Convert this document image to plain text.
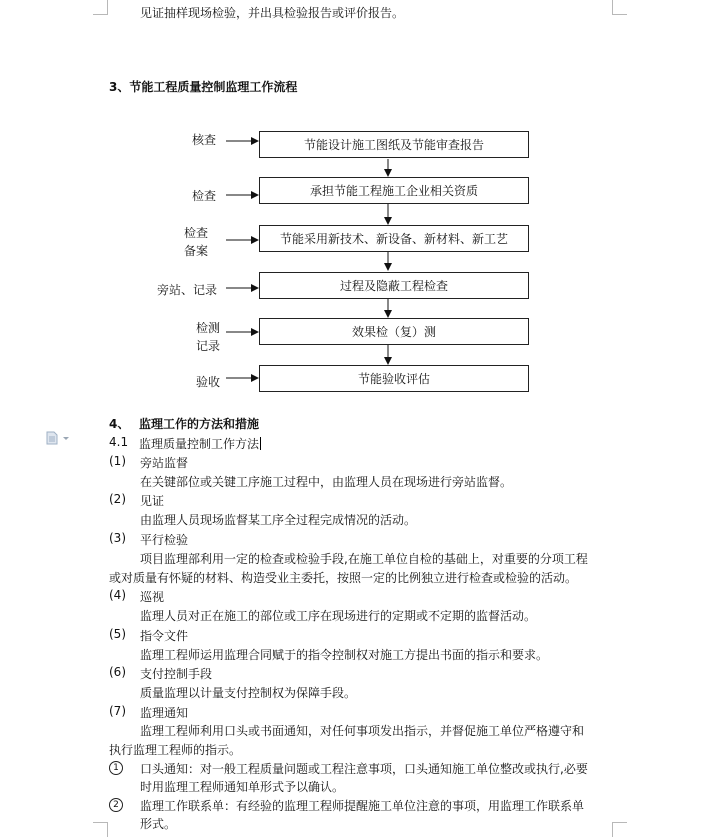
见证抽样现场检验，并出具检验报告或评价报告。
3、节能工程质量控制监理工作流程
核查
检查
检查
备案
旁站、记录
检测
记录
验收
节能设计施工图纸及节能审查报告
承担节能工程施工企业相关资质
节能采用新技术、新设备、新材料、新工艺
过程及隐蔽工程检查
效果检（复）测
节能验收评估
4、 监理工作的方法和措施
4.1 监理质量控制工作方法
(1) 旁站监督
在关键部位或关键工序施工过程中，由监理人员在现场进行旁站监督。
(2) 见证
由监理人员现场监督某工序全过程完成情况的活动。
(3) 平行检验
项目监理部利用一定的检查或检验手段,在施工单位自检的基础上，对重要的分项工程
或对质量有怀疑的材料、构造受业主委托，按照一定的比例独立进行检查或检验的活动。
(4) 巡视
监理人员对正在施工的部位或工序在现场进行的定期或不定期的监督活动。
(5) 指令文件
监理工程师运用监理合同赋于的指令控制权对施工方提出书面的指示和要求。
(6) 支付控制手段
质量监理以计量支付控制权为保障手段。
(7) 监理通知
监理工程师利用口头或书面通知，对任何事项发出指示，并督促施工单位严格遵守和
执行监理工程师的指示。
1	口头通知：对一般工程质量问题或工程注意事项，口头通知施工单位整改或执行,必要
时用监理工程师通知单形式予以确认。
2	监理工作联系单：有经验的监理工程师提醒施工单位注意的事项，用监理工作联系单
形式。
